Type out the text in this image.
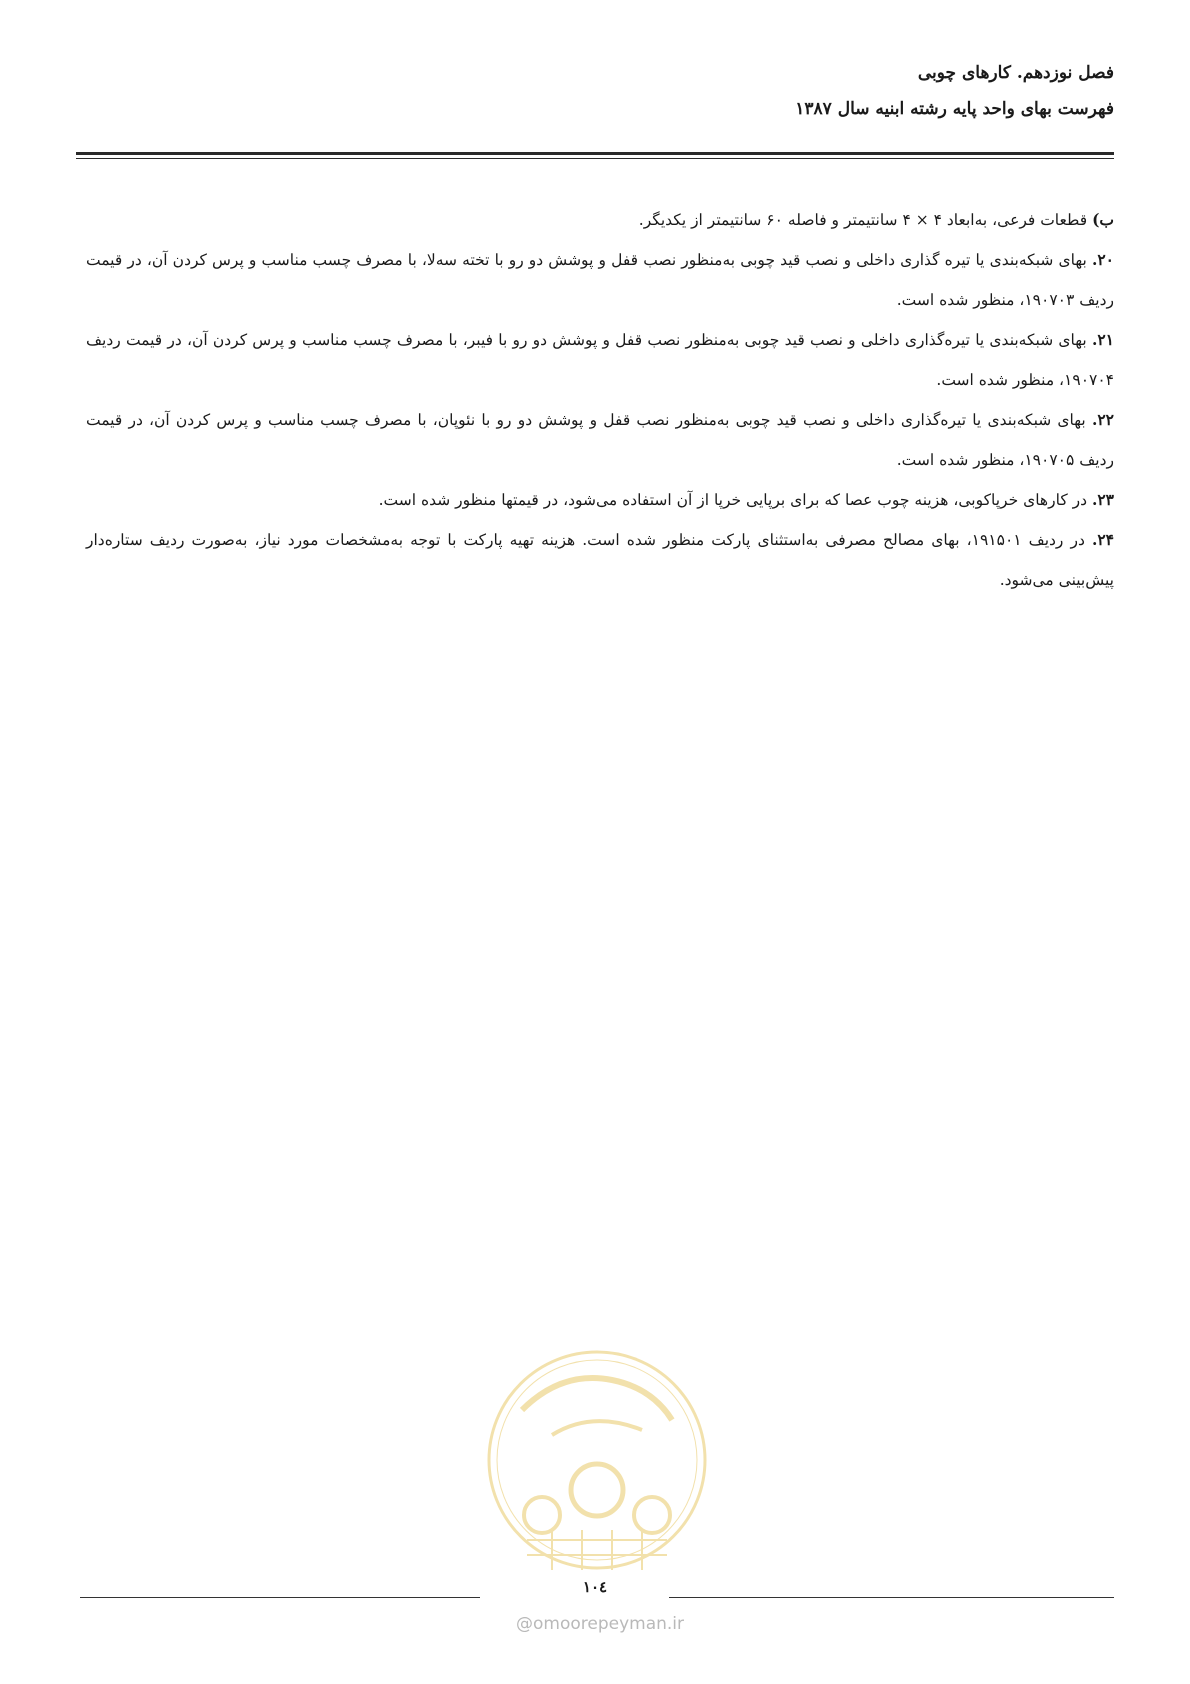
فصل نوزدهم. کارهای چوبی
فهرست بهای واحد پایه رشته ابنیه سال ۱۳۸۷

ب) قطعات فرعی، به‌ابعاد ۴ × ۴ سانتیمتر و فاصله ۶۰ سانتیمتر از یکدیگر.

۲۰. بهای شبکه‌بندی یا تیره گذاری داخلی و نصب قید چوبی به‌منظور نصب قفل و پوشش دو رو با تخته سه‌لا، با مصرف چسب مناسب و پرس کردن آن، در قیمت ردیف ۱۹۰۷۰۳، منظور شده است.

۲۱. بهای شبکه‌بندی یا تیره‌گذاری داخلی و نصب قید چوبی به‌منظور نصب قفل و پوشش دو رو با فیبر، با مصرف چسب مناسب و پرس کردن آن، در قیمت ردیف ۱۹۰۷۰۴، منظور شده است.

۲۲. بهای شبکه‌بندی یا تیره‌گذاری داخلی و نصب قید چوبی به‌منظور نصب قفل و پوشش دو رو با نئوپان، با مصرف چسب مناسب و پرس کردن آن، در قیمت ردیف ۱۹۰۷۰۵، منظور شده است.

۲۳. در کارهای خرپاکوبی، هزینه چوب عصا که برای برپایی خرپا از آن استفاده می‌شود، در قیمتها منظور شده است.

۲۴. در ردیف ۱۹۱۵۰۱، بهای مصالح مصرفی به‌استثنای پارکت منظور شده است. هزینه تهیه پارکت با توجه به‌مشخصات مورد نیاز، به‌صورت ردیف ستاره‌دار پیش‌بینی می‌شود.

۱۰٤
@omoorepeyman.ir
